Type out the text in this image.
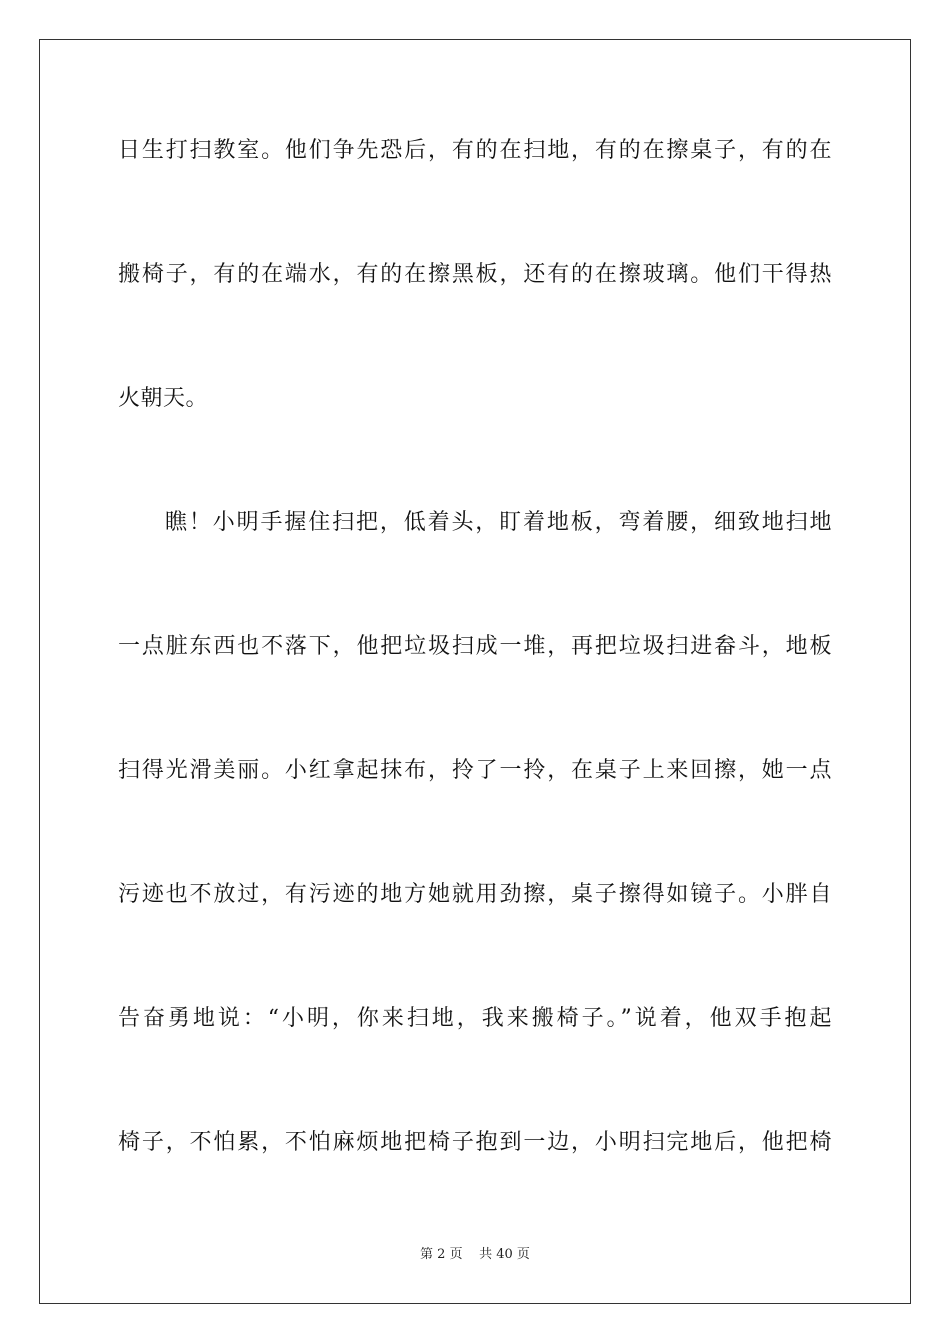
日生打扫教室。他们争先恐后，有的在扫地，有的在擦桌子，有的在
搬椅子，有的在端水，有的在擦黑板，还有的在擦玻璃。他们干得热
火朝天。
瞧！小明手握住扫把，低着头，盯着地板，弯着腰，细致地扫地
一点脏东西也不落下，他把垃圾扫成一堆，再把垃圾扫进畚斗，地板
扫得光滑美丽。小红拿起抹布，拎了一拎，在桌子上来回擦，她一点
污迹也不放过，有污迹的地方她就用劲擦，桌子擦得如镜子。小胖自
告奋勇地说：“小明，你来扫地，我来搬椅子。”说着，他双手抱起
椅子，不怕累，不怕麻烦地把椅子抱到一边，小明扫完地后，他把椅
第 2 页 共 40 页
